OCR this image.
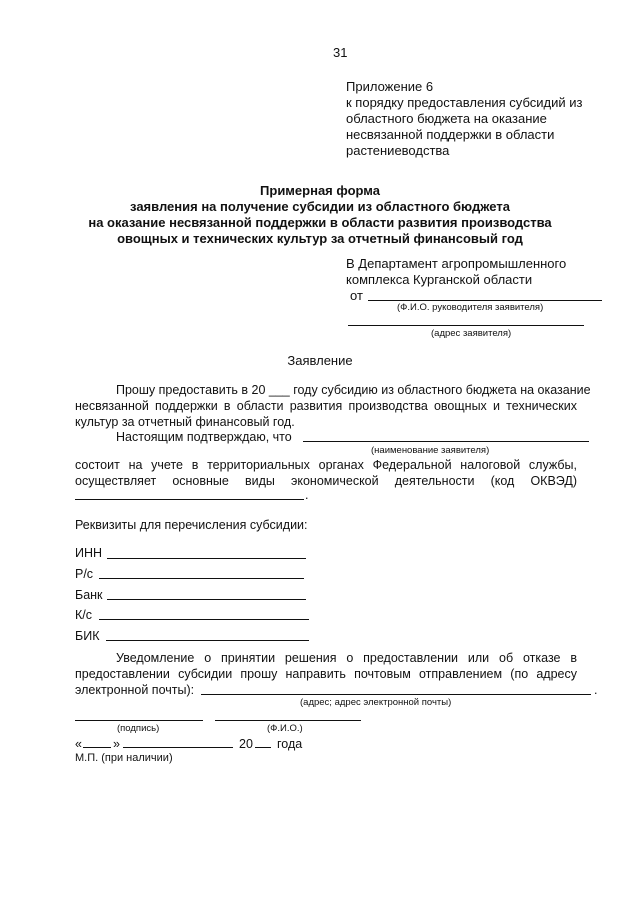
31
Приложение 6
к порядку предоставления субсидий из
областного бюджета на оказание
несвязанной поддержки в области
растениеводства
Примерная форма
заявления на получение субсидии из областного бюджета
на оказание несвязанной поддержки в области развития производства
овощных и технических культур за отчетный финансовый год
В Департамент агропромышленного
комплекса Курганской области
от
(Ф.И.О. руководителя заявителя)
(адрес заявителя)
Заявление
Прошу предоставить в 20 ___ году субсидию из областного бюджета на оказание
несвязанной поддержки в области развития производства овощных и технических
культур за отчетный финансовый год.
Настоящим подтверждаю, что
(наименование заявителя)
состоит на учете в территориальных органах Федеральной налоговой службы,
осуществляет основные виды экономической деятельности (код ОКВЭД)
.
Реквизиты для перечисления субсидии:
ИНН
Р/с
Банк
К/с
БИК
Уведомление о принятии решения о предоставлении или об отказе в
предоставлении субсидии прошу направить почтовым отправлением (по адресу
электронной почты):	.
(адрес; адрес электронной почты)
(подпись)	(Ф.И.О.)
« »	20 года
М.П. (при наличии)
